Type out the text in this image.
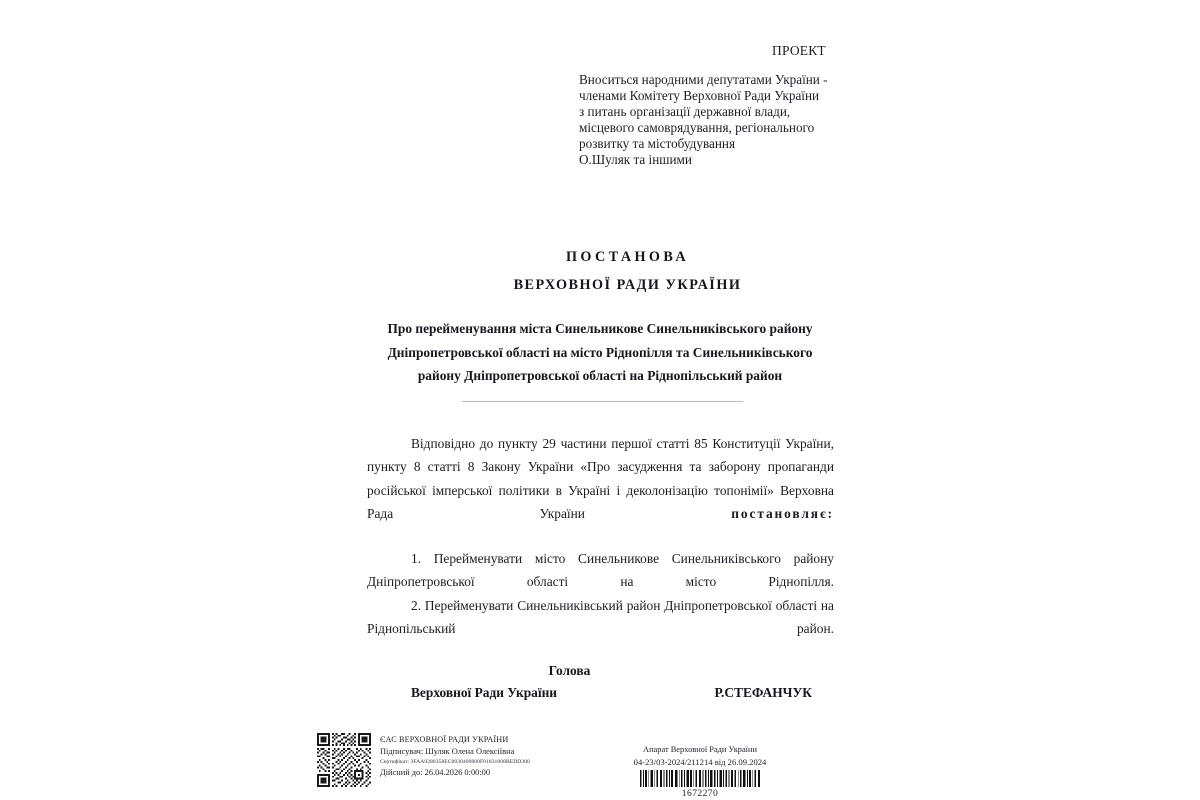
ПРОЕКТ
Вноситься народними депутатами України -
членами Комітету Верховної Ради України
з питань організації державної влади,
місцевого самоврядування, регіонального
розвитку та містобудування
О.Шуляк та іншими
ПОСТАНОВА
ВЕРХОВНОЇ РАДИ УКРАЇНИ
Про перейменування міста Синельникове Синельниківського району Дніпропетровської області на місто Ріднопілля та Синельниківського району Дніпропетровської області на Ріднопільський район

Відповідно до пункту 29 частини першої статті 85 Конституції України, пункту 8 статті 8 Закону України «Про засудження та заборону пропаганди російської імперської політики в Україні і деколонізацію топонімії» Верховна Рада України постановляє:

1. Перейменувати місто Синельникове Синельниківського району Дніпропетровської області на місто Ріднопілля.

2. Перейменувати Синельниківський район Дніпропетровської області на Ріднопільський район.

Голова
Верховної Ради України	Р.СТЕФАНЧУК
ЄАС ВЕРХОВНОЇ РАДИ УКРАЇНИ
Підписувач: Шуляк Олена Олексіївна
Сертифікат: 3FAA9288358EC0030400000F01831008BEDD300
Дійсний до: 26.04.2026 0:00:00
Апарат Верховної Ради України
04-23/03-2024/211214 від 26.09.2024
1672270
